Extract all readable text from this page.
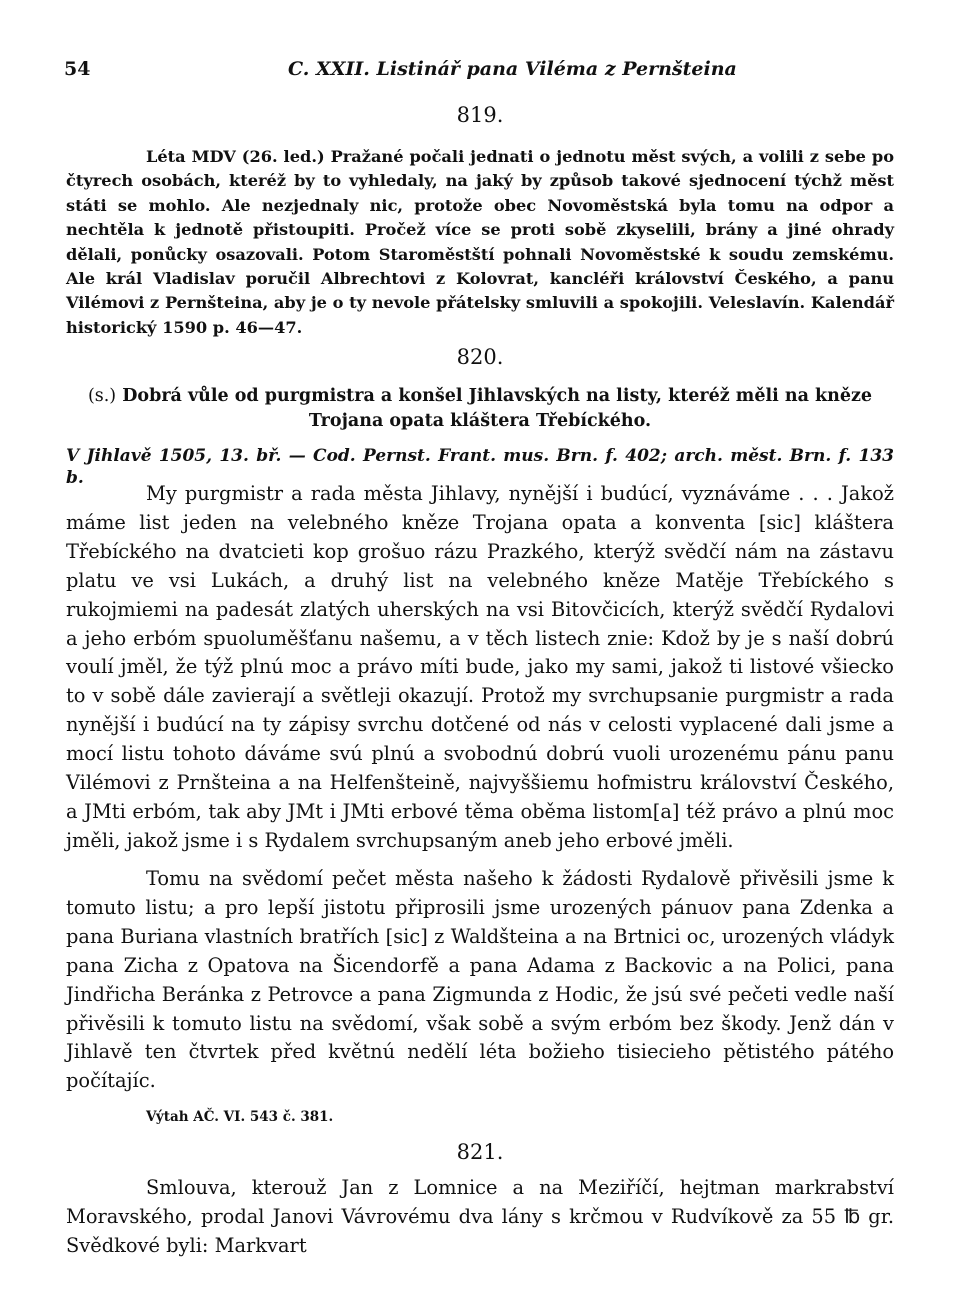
54	C. XXII. Listinář pana Viléma z Pernšteina
819.

Léta MDV (26. led.) Pražané počali jednati o jednotu měst svých, a volili z sebe po čtyrech osobách, kteréž by to vyhledaly, na jaký by způsob takové sjednocení týchž měst státi se mohlo. Ale nezjednaly nic, protože obec Novoměstská byla tomu na odpor a nechtěla k jednotě přistoupiti. Pročež více se proti sobě zkyselili, brány a jiné ohrady dělali, ponůcky osazovali. Potom Staroměstští pohnali Novoměstské k soudu zemskému. Ale král Vladislav poručil Albrechtovi z Kolovrat, kancléři království Českého, a panu Vilémovi z Pernšteina, aby je o ty nevole přátelsky smluvili a spokojili. Veleslavín. Kalendář historický 1590 p. 46—47.

820.

(s.) Dobrá vůle od purgmistra a konšel Jihlavských na listy, kteréž měli na kněze Trojana opata kláštera Třebíckého.

V Jihlavě 1505, 13. bř. — Cod. Pernst. Frant. mus. Brn. f. 402; arch. měst. Brn. f. 133 b.

My purgmistr a rada města Jihlavy, nynější i budúcí, vyznáváme . . . Jakož máme list jeden na velebného kněze Trojana opata a konventa [sic] kláštera Třebíckého na dvatcieti kop grošuo rázu Prazkého, kterýž svědčí nám na zástavu platu ve vsi Lukách, a druhý list na velebného kněze Matěje Třebíckého s rukojmiemi na padesát zlatých uherských na vsi Bitovčicích, kterýž svědčí Rydalovi a jeho erbóm spuoluměšťanu našemu, a v těch listech znie: Kdož by je s naší dobrú voulí jměl, že týž plnú moc a právo míti bude, jako my sami, jakož ti listové všiecko to v sobě dále zavierají a světleji okazují. Protož my svrchupsanie purgmistr a rada nynější i budúcí na ty zápisy svrchu dotčené od nás v celosti vyplacené dali jsme a mocí listu tohoto dáváme svú plnú a svobodnú dobrú vuoli urozenému pánu panu Vilémovi z Prnšteina a na Helfenšteině, najvyššiemu hofmistru království Českého, a JMti erbóm, tak aby JMt i JMti erbové těma oběma listom[a] též právo a plnú moc jměli, jakož jsme i s Rydalem svrchupsaným aneb jeho erbové jměli.

Tomu na svědomí pečet města našeho k žádosti Rydalově přivěsili jsme k tomuto listu; a pro lepší jistotu připrosili jsme urozených pánuov pana Zdenka a pana Buriana vlastních bratřích [sic] z Waldšteina a na Brtnici oc, urozených vládyk pana Zicha z Opatova na Šicendorfě a pana Adama z Backovic a na Polici, pana Jindřicha Beránka z Petrovce a pana Zigmunda z Hodic, že jsú své pečeti vedle naší přivěsili k tomuto listu na svědomí, však sobě a svým erbóm bez škody. Jenž dán v Jihlavě ten čtvrtek před květnú nedělí léta božieho tisiecieho pětistého pátého počítajíc.

Výtah AČ. VI. 543 č. 381.

821.

Smlouva, kterouž Jan z Lomnice a na Meziříčí, hejtman markrabství Moravského, prodal Janovi Vávrovému dva lány s krčmou v Rudvíkově za 55 ℔ gr. Svědkové byli: Markvart
